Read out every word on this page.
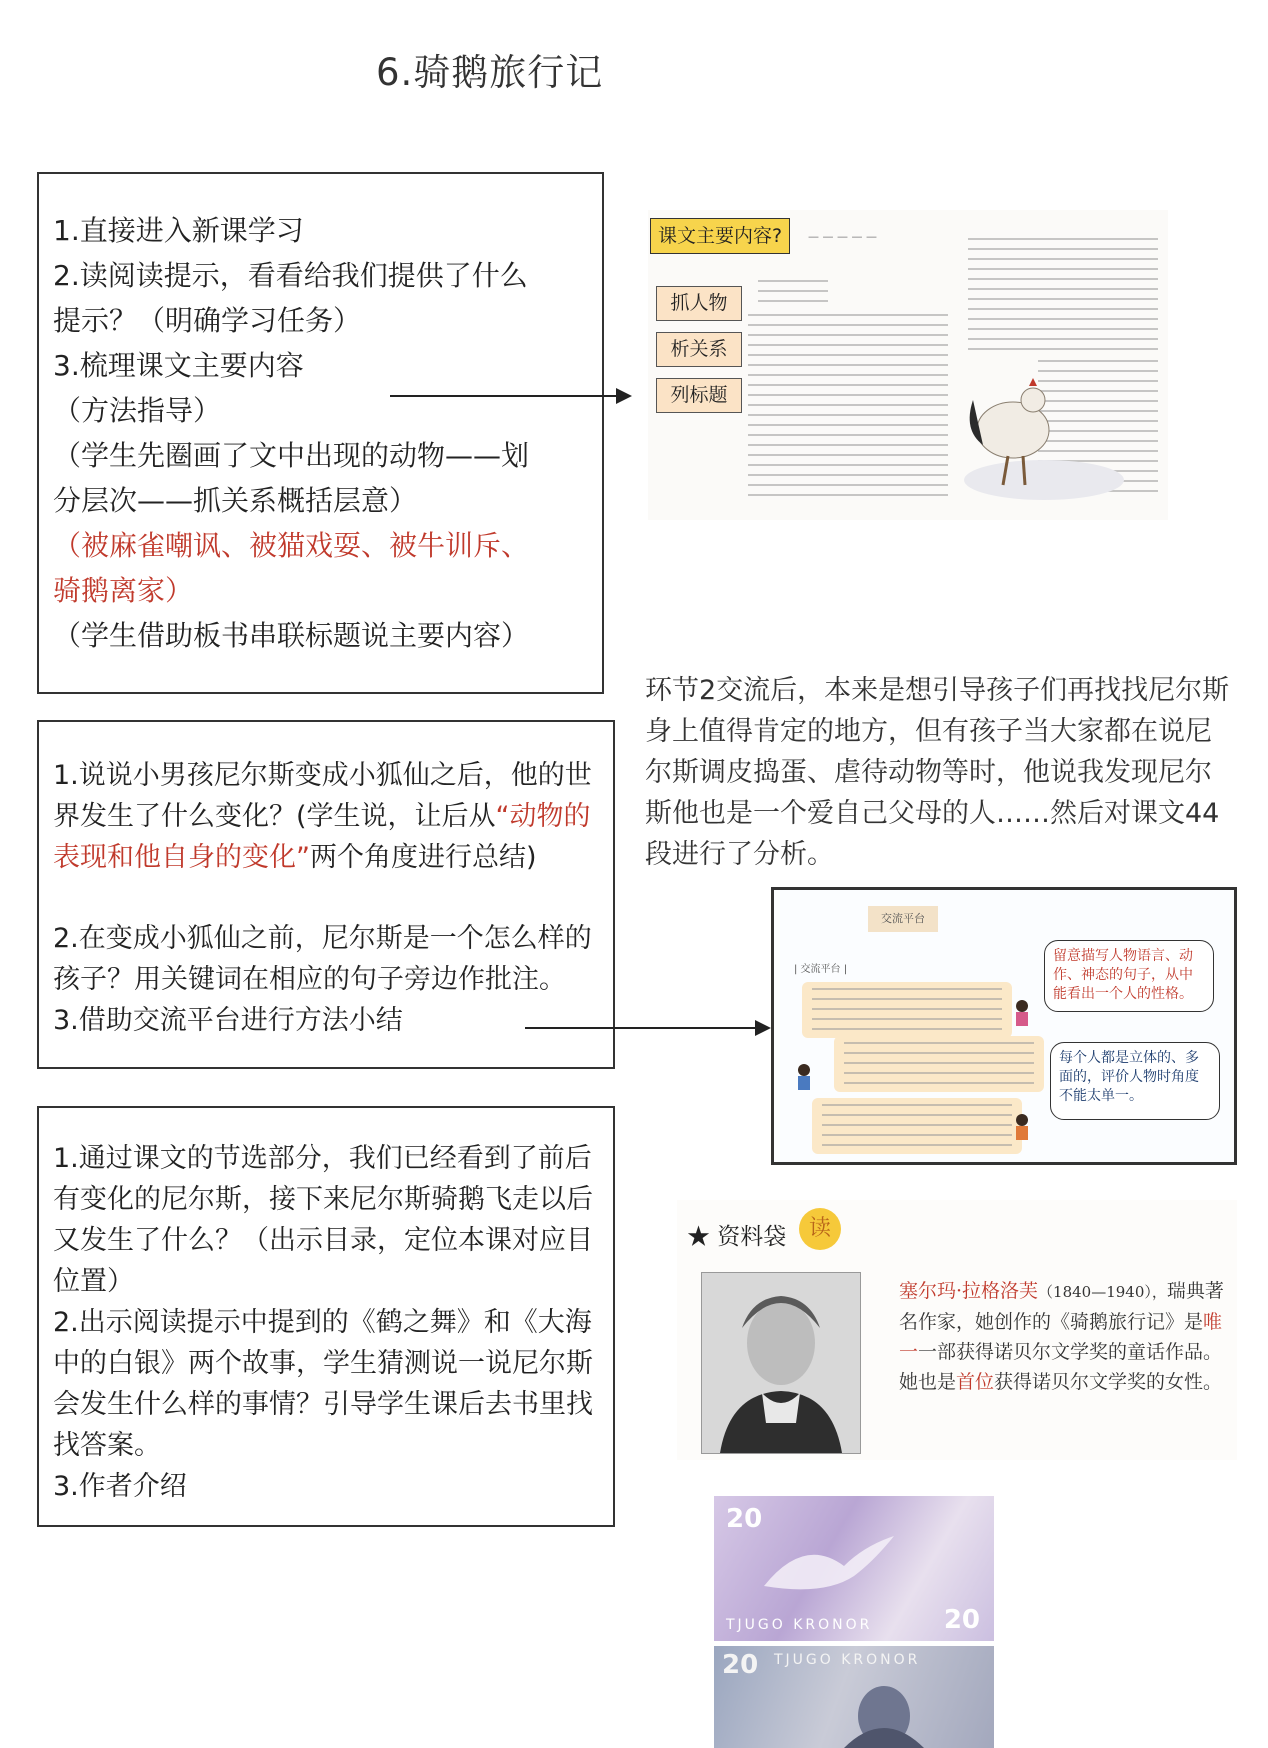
6.骑鹅旅行记

1.直接进入新课学习

2.读阅读提示，看看给我们提供了什么

提示？（明确学习任务）

3.梳理课文主要内容

（方法指导）

（学生先圈画了文中出现的动物——划

分层次——抓关系概括层意）

（被麻雀嘲讽、被猫戏耍、被牛训斥、

骑鹅离家）

（学生借助板书串联标题说主要内容）

课文主要内容?	— — — — —
抓人物
析关系
列标题
环节2交流后，本来是想引导孩子们再找找尼尔斯身上值得肯定的地方，但有孩子当大家都在说尼尔斯调皮捣蛋、虐待动物等时，他说我发现尼尔斯他也是一个爱自己父母的人……然后对课文44段进行了分析。

1.说说小男孩尼尔斯变成小狐仙之后，他的世界发生了什么变化？(学生说，让后从“动物的表现和他自身的变化”两个角度进行总结)

2.在变成小狐仙之前，尼尔斯是一个怎么样的孩子？用关键词在相应的句子旁边作批注。

3.借助交流平台进行方法小结

交流平台
| 交流平台 |
留意描写人物语言、动作、神态的句子，从中能看出一个人的性格。
每个人都是立体的、多面的，评价人物时角度不能太单一。

1.通过课文的节选部分，我们已经看到了前后有变化的尼尔斯，接下来尼尔斯骑鹅飞走以后又发生了什么？（出示目录，定位本课对应目位置）

2.出示阅读提示中提到的《鹤之舞》和《大海中的白银》两个故事，学生猜测说一说尼尔斯会发生什么样的事情？引导学生课后去书里找找答案。

3.作者介绍

★ 资料袋	读
塞尔玛·拉格洛芙（1840—1940），瑞典著名作家，她创作的《骑鹅旅行记》是唯一一部获得诺贝尔文学奖的童话作品。她也是首位获得诺贝尔文学奖的女性。
20
20
TJUGO KRONOR
20 TJUGO KRONOR
